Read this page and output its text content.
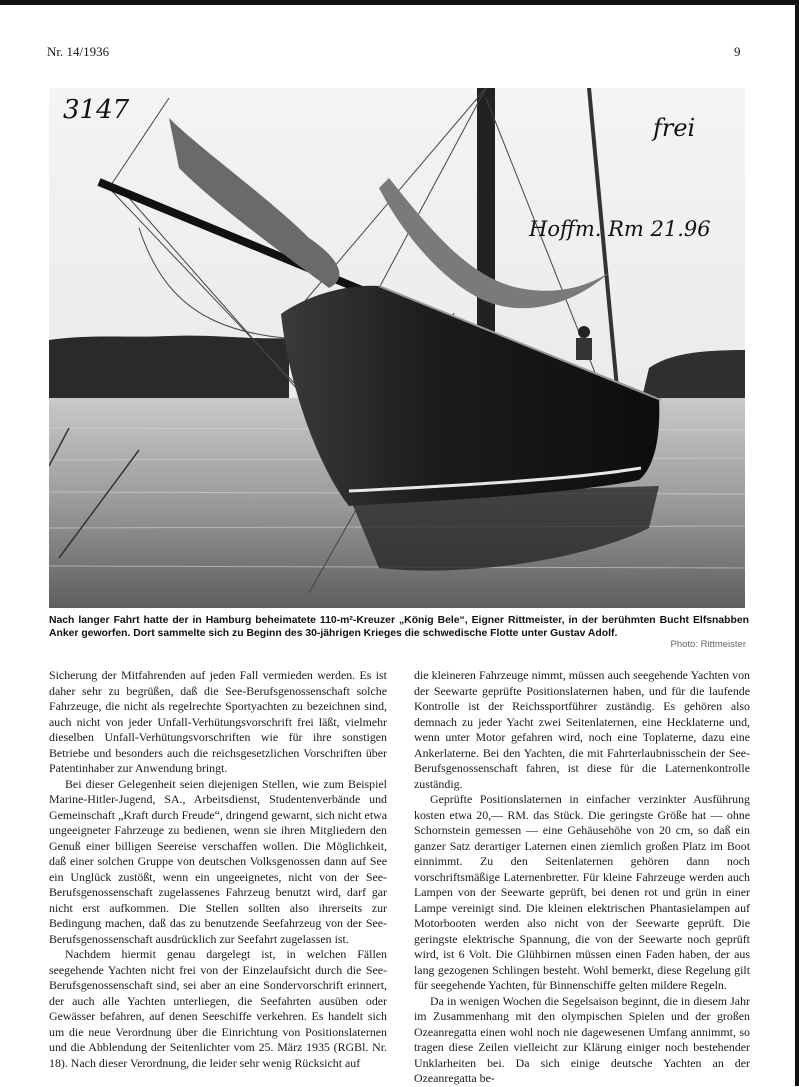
Nr. 14/1936	9
3147
frei
Hoffm. Rm 21.96
Nach langer Fahrt hatte der in Hamburg beheimatete 110-m²-Kreuzer „König Bele“, Eigner Rittmeister, in der berühmten Bucht Elfsnabben Anker geworfen. Dort sammelte sich zu Beginn des 30-jährigen Krieges die schwedische Flotte unter Gustav Adolf.
Photo: Rittmeister

Sicherung der Mitfahrenden auf jeden Fall vermieden werden. Es ist daher sehr zu begrüßen, daß die See-Berufsgenossenschaft solche Fahrzeuge, die nicht als regelrechte Sportyachten zu bezeichnen sind, auch nicht von jeder Unfall-Verhütungsvorschrift frei läßt, vielmehr dieselben Unfall-Verhütungsvorschriften wie für ihre sonstigen Betriebe und besonders auch die reichsgesetzlichen Vorschriften über Patentinhaber zur Anwendung bringt.

Bei dieser Gelegenheit seien diejenigen Stellen, wie zum Beispiel Marine-Hitler-Jugend, SA., Arbeitsdienst, Studentenverbände und Gemeinschaft „Kraft durch Freude“, dringend gewarnt, sich nicht etwa ungeeigneter Fahrzeuge zu bedienen, wenn sie ihren Mitgliedern den Genuß einer billigen Seereise verschaffen wollen. Die Möglichkeit, daß einer solchen Gruppe von deutschen Volksgenossen dann auf See ein Unglück zustößt, wenn ein ungeeignetes, nicht von der See-Berufsgenossenschaft zugelassenes Fahrzeug benutzt wird, darf gar nicht erst aufkommen. Die Stellen sollten also ihrerseits zur Bedingung machen, daß das zu benutzende Seefahrzeug von der See-Berufsgenossenschaft ausdrücklich zur Seefahrt zugelassen ist.

Nachdem hiermit genau dargelegt ist, in welchen Fällen seegehende Yachten nicht frei von der Einzelaufsicht durch die See-Berufsgenossenschaft sind, sei aber an eine Sondervorschrift erinnert, der auch alle Yachten unterliegen, die Seefahrten ausüben oder Gewässer befahren, auf denen Seeschiffe verkehren. Es handelt sich um die neue Verordnung über die Einrichtung von Positionslaternen und die Abblendung der Seitenlichter vom 25. März 1935 (RGBl. Nr. 18). Nach dieser Verordnung, die leider sehr wenig Rücksicht auf

die kleineren Fahrzeuge nimmt, müssen auch seegehende Yachten von der Seewarte geprüfte Positionslaternen haben, und für die laufende Kontrolle ist der Reichssportführer zuständig. Es gehören also demnach zu jeder Yacht zwei Seitenlaternen, eine Hecklaterne und, wenn unter Motor gefahren wird, noch eine Toplaterne, dazu eine Ankerlaterne. Bei den Yachten, die mit Fahrterlaubnisschein der See-Berufsgenossenschaft fahren, ist diese für die Laternenkontrolle zuständig.

Geprüfte Positionslaternen in einfacher verzinkter Ausführung kosten etwa 20,— RM. das Stück. Die geringste Größe hat — ohne Schornstein gemessen — eine Gehäusehöhe von 20 cm, so daß ein ganzer Satz derartiger Laternen einen ziemlich großen Platz im Boot einnimmt. Zu den Seitenlaternen gehören dann noch vorschriftsmäßige Laternenbretter. Für kleine Fahrzeuge werden auch Lampen von der Seewarte geprüft, bei denen rot und grün in einer Lampe vereinigt sind. Die kleinen elektrischen Phantasielampen auf Motorbooten werden also nicht von der Seewarte geprüft. Die geringste elektrische Spannung, die von der Seewarte noch geprüft wird, ist 6 Volt. Die Glühbirnen müssen einen Faden haben, der aus lang gezogenen Schlingen besteht. Wohl bemerkt, diese Regelung gilt für seegehende Yachten, für Binnenschiffe gelten mildere Regeln.

Da in wenigen Wochen die Segelsaison beginnt, die in diesem Jahr im Zusammenhang mit den olympischen Spielen und der großen Ozeanregatta einen wohl noch nie dagewesenen Umfang annimmt, so tragen diese Zeilen vielleicht zur Klärung einiger noch bestehender Unklarheiten bei. Da sich einige deutsche Yachten an der Ozeanregatta be-
